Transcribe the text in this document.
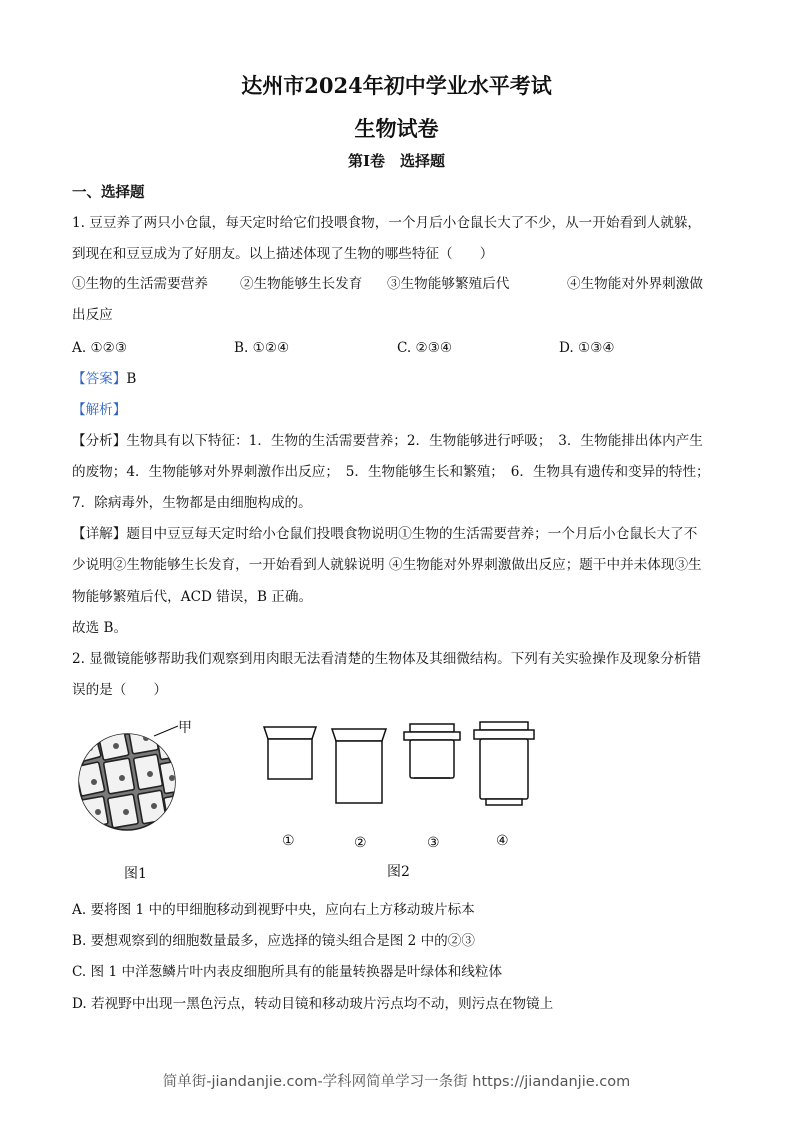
达州市2024年初中学业水平考试
生物试卷
第Ⅰ卷　选择题
一、选择题
1. 豆豆养了两只小仓鼠，每天定时给它们投喂食物，一个月后小仓鼠长大了不少，从一开始看到人就躲，
到现在和豆豆成为了好朋友。以上描述体现了生物的哪些特征（　　）
①生物的生活需要营养 ②生物能够生长发育 ③生物能够繁殖后代	④生物能对外界刺激做
出反应
A. ①②③	B. ①②④	C. ②③④	D. ①③④
【答案】B
【解析】
【分析】生物具有以下特征：1．生物的生活需要营养；2．生物能够进行呼吸；　3．生物能排出体内产生
的废物；4．生物能够对外界刺激作出反应；　5．生物能够生长和繁殖；　6．生物具有遗传和变异的特性；
7．除病毒外，生物都是由细胞构成的。
【详解】题目中豆豆每天定时给小仓鼠们投喂食物说明①生物的生活需要营养；一个月后小仓鼠长大了不
少说明②生物能够生长发育，一开始看到人就躲说明 ④生物能对外界刺激做出反应；题干中并未体现③生
物能够繁殖后代，ACD 错误，B 正确。
故选 B。
2. 显微镜能够帮助我们观察到用肉眼无法看清楚的生物体及其细微结构。下列有关实验操作及现象分析错
误的是（　　）
甲
图1
①	②	③	④
图2
A. 要将图 1 中的甲细胞移动到视野中央，应向右上方移动玻片标本
B. 要想观察到的细胞数量最多，应选择的镜头组合是图 2 中的②③
C. 图 1 中洋葱鳞片叶内表皮细胞所具有的能量转换器是叶绿体和线粒体
D. 若视野中出现一黑色污点，转动目镜和移动玻片污点均不动，则污点在物镜上
简单街-jiandanjie.com-学科网简单学习一条街 https://jiandanjie.com
